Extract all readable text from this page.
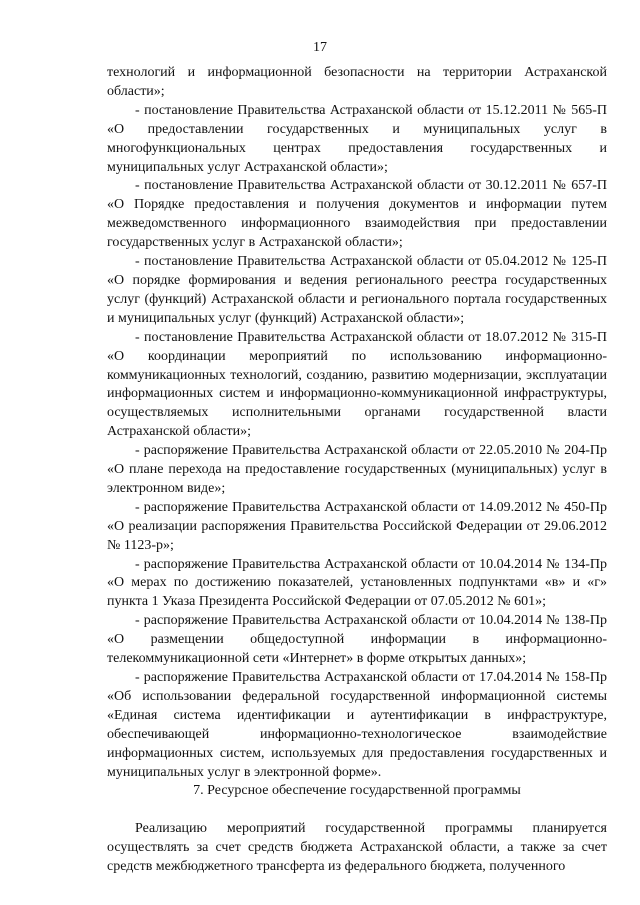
17

технологий и информационной безопасности на территории Астраханской области»;

- постановление Правительства Астраханской области от 15.12.2011 № 565-П «О предоставлении государственных и муниципальных услуг в многофункциональных центрах предоставления государственных и муниципальных услуг Астраханской области»;

- постановление Правительства Астраханской области от 30.12.2011 № 657-П «О Порядке предоставления и получения документов и информации путем межведомственного информационного взаимодействия при предоставлении государственных услуг в Астраханской области»;

- постановление Правительства Астраханской области от 05.04.2012 № 125-П «О порядке формирования и ведения регионального реестра государственных услуг (функций) Астраханской области и регионального портала государственных и муниципальных услуг (функций) Астраханской области»;

- постановление Правительства Астраханской области от 18.07.2012 № 315-П «О координации мероприятий по использованию информационно-коммуникационных технологий, созданию, развитию модернизации, эксплуатации информационных систем и информационно-коммуникационной инфраструктуры, осуществляемых исполнительными органами государственной власти Астраханской области»;

- распоряжение Правительства Астраханской области от 22.05.2010 № 204-Пр «О плане перехода на предоставление государственных (муниципальных) услуг в электронном виде»;

- распоряжение Правительства Астраханской области от 14.09.2012 № 450-Пр «О реализации распоряжения Правительства Российской Федерации от 29.06.2012 № 1123-р»;

- распоряжение Правительства Астраханской области от 10.04.2014 № 134-Пр «О мерах по достижению показателей, установленных подпунктами «в» и «г» пункта 1 Указа Президента Российской Федерации от 07.05.2012 № 601»;

- распоряжение Правительства Астраханской области от 10.04.2014 № 138-Пр «О размещении общедоступной информации в информационно-телекоммуникационной сети «Интернет» в форме открытых данных»;

- распоряжение Правительства Астраханской области от 17.04.2014 № 158-Пр «Об использовании федеральной государственной информационной системы «Единая система идентификации и аутентификации в инфраструктуре, обеспечивающей информационно-технологическое взаимодействие информационных систем, используемых для предоставления государственных и муниципальных услуг в электронной форме».

7. Ресурсное обеспечение государственной программы

Реализацию мероприятий государственной программы планируется осуществлять за счет средств бюджета Астраханской области, а также за счет средств межбюджетного трансферта из федерального бюджета, полученного
